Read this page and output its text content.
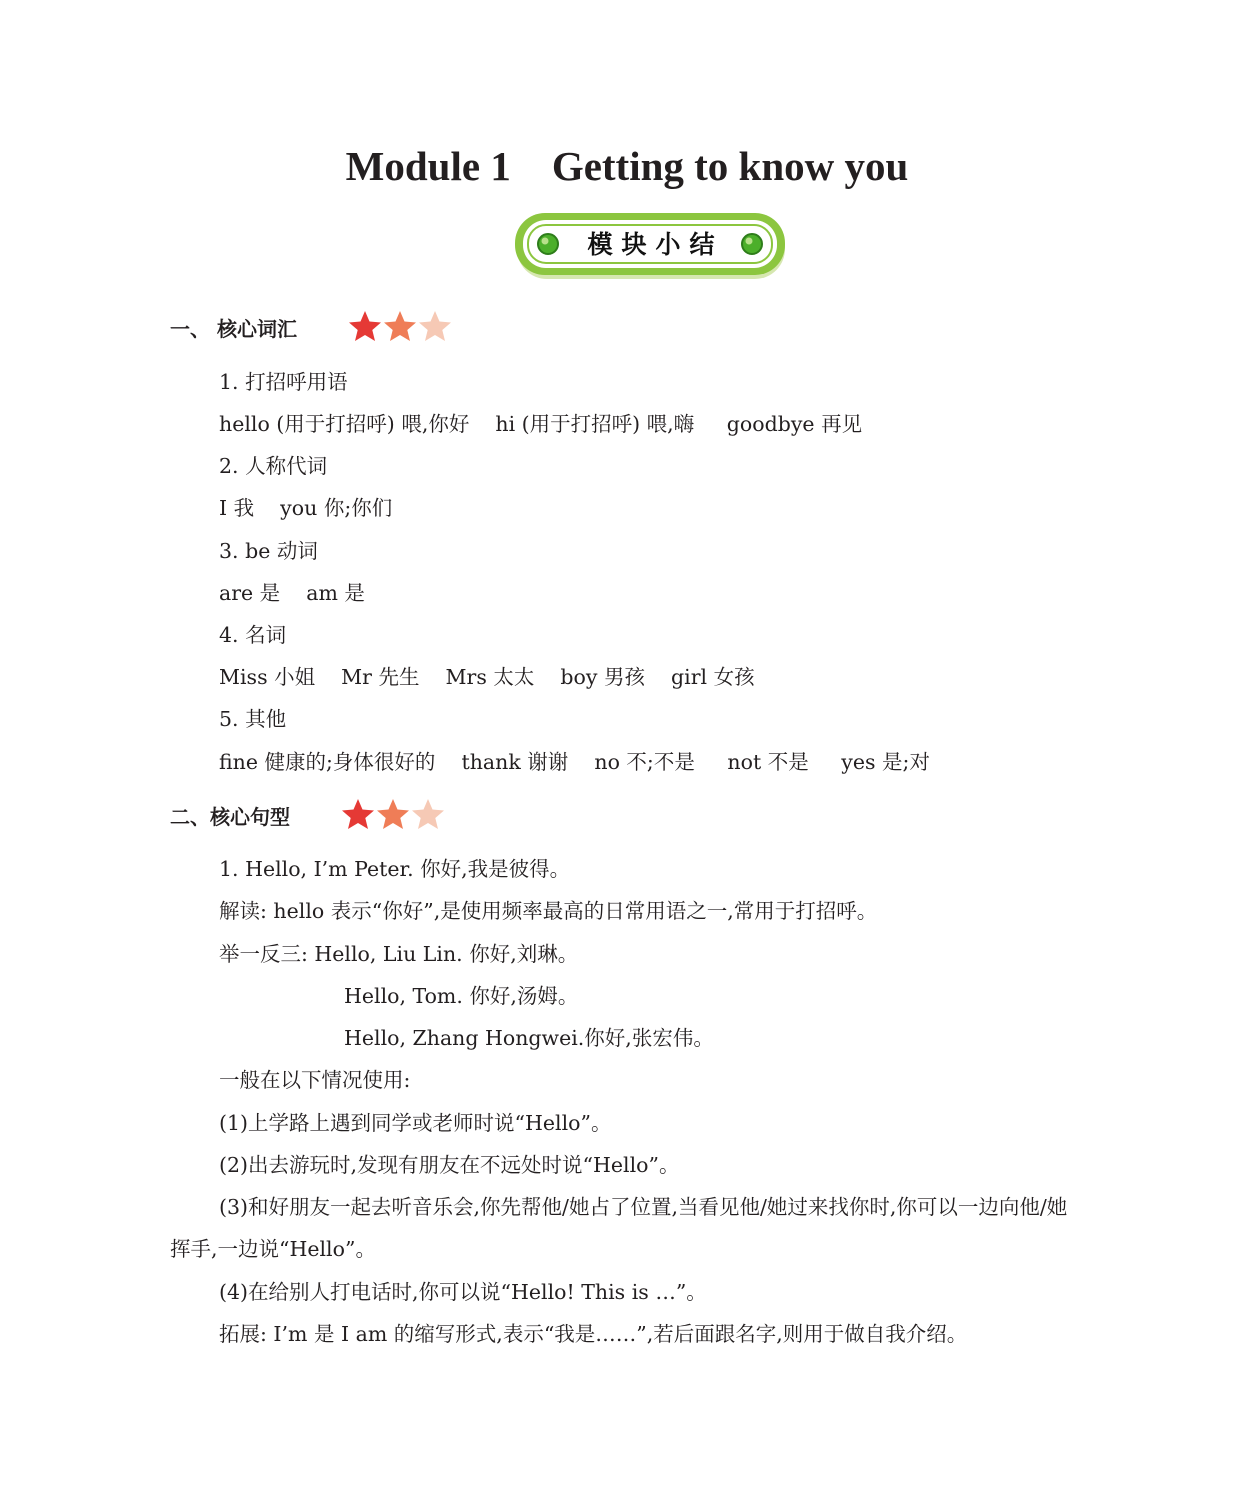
Module 1    Getting to know you
模块小结
一、 核心词汇
1. 打招呼用语
hello (用于打招呼) 喂,你好    hi (用于打招呼) 喂,嗨     goodbye 再见
2. 人称代词
I 我    you 你;你们
3. be 动词
are 是    am 是
4. 名词
Miss 小姐    Mr 先生    Mrs 太太    boy 男孩    girl 女孩
5. 其他
fine 健康的;身体很好的    thank 谢谢    no 不;不是     not 不是     yes 是;对
二、核心句型
1. Hello, I’m Peter. 你好,我是彼得。
解读: hello 表示“你好”,是使用频率最高的日常用语之一,常用于打招呼。
举一反三: Hello, Liu Lin. 你好,刘琳。
Hello, Tom. 你好,汤姆。
Hello, Zhang Hongwei.你好,张宏伟。
一般在以下情况使用:
(1)上学路上遇到同学或老师时说“Hello”。
(2)出去游玩时,发现有朋友在不远处时说“Hello”。
(3)和好朋友一起去听音乐会,你先帮他/她占了位置,当看见他/她过来找你时,你可以一边向他/她挥手,一边说“Hello”。
(4)在给别人打电话时,你可以说“Hello! This is …”。
拓展: I’m 是 I am 的缩写形式,表示“我是……”,若后面跟名字,则用于做自我介绍。
